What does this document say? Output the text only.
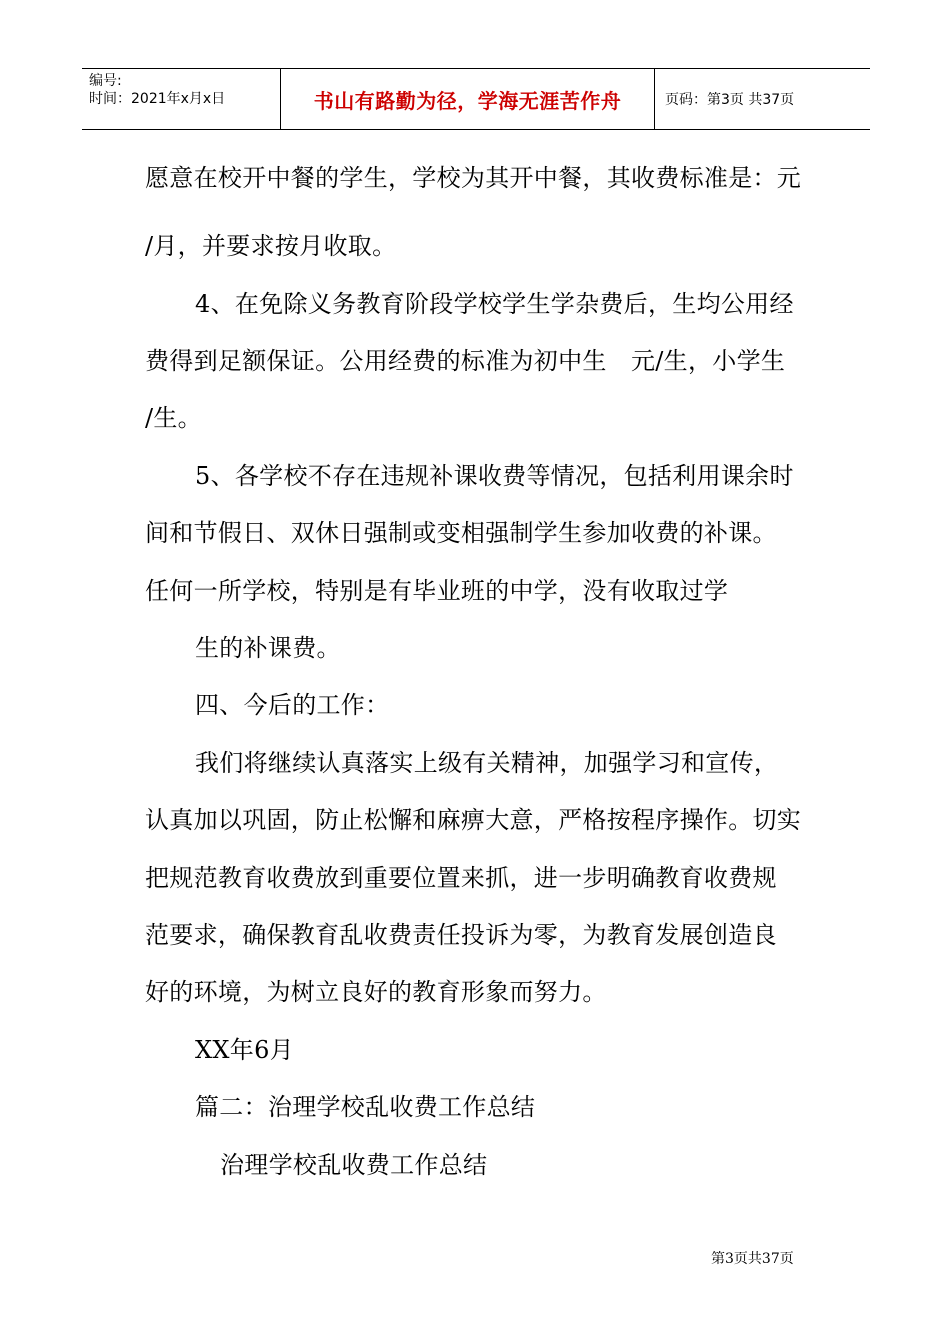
编号:
时间：2021年x月x日	书山有路勤为径，学海无涯苦作舟	页码：第3页 共37页
愿意在校开中餐的学生，学校为其开中餐，其收费标准是：元
/月，并要求按月收取。
4、在免除义务教育阶段学校学生学杂费后，生均公用经
费得到足额保证。公用经费的标准为初中生　元/生，小学生
/生。
5、各学校不存在违规补课收费等情况，包括利用课余时
间和节假日、双休日强制或变相强制学生参加收费的补课。
任何一所学校，特别是有毕业班的中学，没有收取过学
生的补课费。
四、今后的工作：
我们将继续认真落实上级有关精神，加强学习和宣传，
认真加以巩固，防止松懈和麻痹大意，严格按程序操作。切实
把规范教育收费放到重要位置来抓，进一步明确教育收费规
范要求，确保教育乱收费责任投诉为零，为教育发展创造良
好的环境，为树立良好的教育形象而努力。
XX年6月
篇二：治理学校乱收费工作总结
治理学校乱收费工作总结
第3页共37页
